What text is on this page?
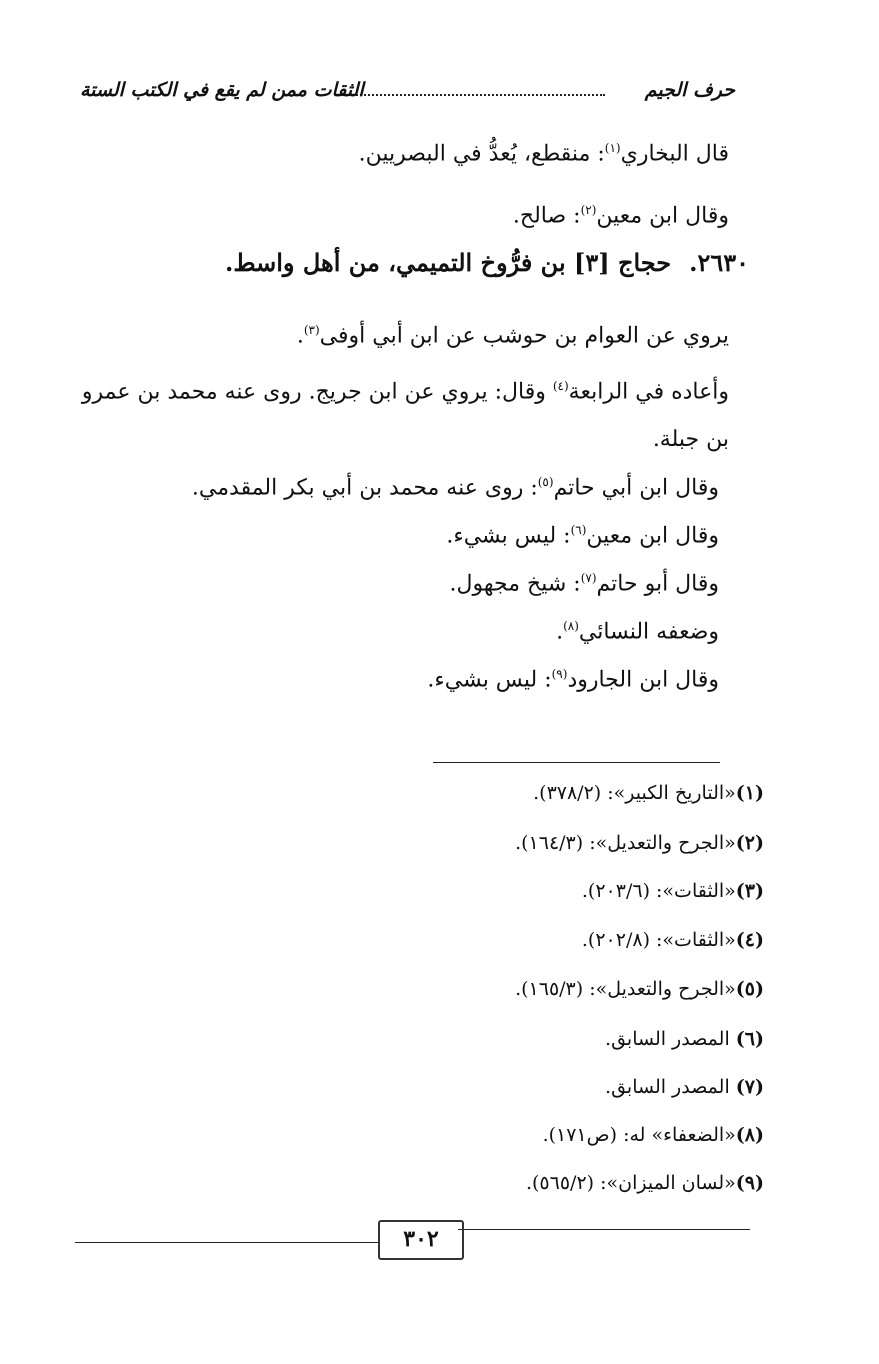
حرف الجيم
الثقات ممن لم يقع في الكتب الستة
قال البخاري$^{(١)}$: منقطع، يُعدُّ في البصريين.
وقال ابن معين$^{(٢)}$: صالح.
٢٦٣٠.حجاج [٣] بن فرُّوخ التميمي، من أهل واسط.
يروي عن العوام بن حوشب عن ابن أبي أوفى$^{(٣)}$.
وأعاده في الرابعة$^{(٤)}$ وقال: يروي عن ابن جريج. روى عنه محمد بن عمرو بن جبلة.
وقال ابن أبي حاتم$^{(٥)}$: روى عنه محمد بن أبي بكر المقدمي.
وقال ابن معين$^{(٦)}$: ليس بشيء.
وقال أبو حاتم$^{(٧)}$: شيخ مجهول.
وضعفه النسائي$^{(٨)}$.
وقال ابن الجارود$^{(٩)}$: ليس بشيء.
(١)«التاريخ الكبير»: (٣٧٨/٢).
(٢)«الجرح والتعديل»: (١٦٤/٣).
(٣)«الثقات»: (٢٠٣/٦).
(٤)«الثقات»: (٢٠٢/٨).
(٥)«الجرح والتعديل»: (١٦٥/٣).
(٦) المصدر السابق.
(٧) المصدر السابق.
(٨)«الضعفاء» له: (ص١٧١).
(٩)«لسان الميزان»: (٥٦٥/٢).
٣٠٢
